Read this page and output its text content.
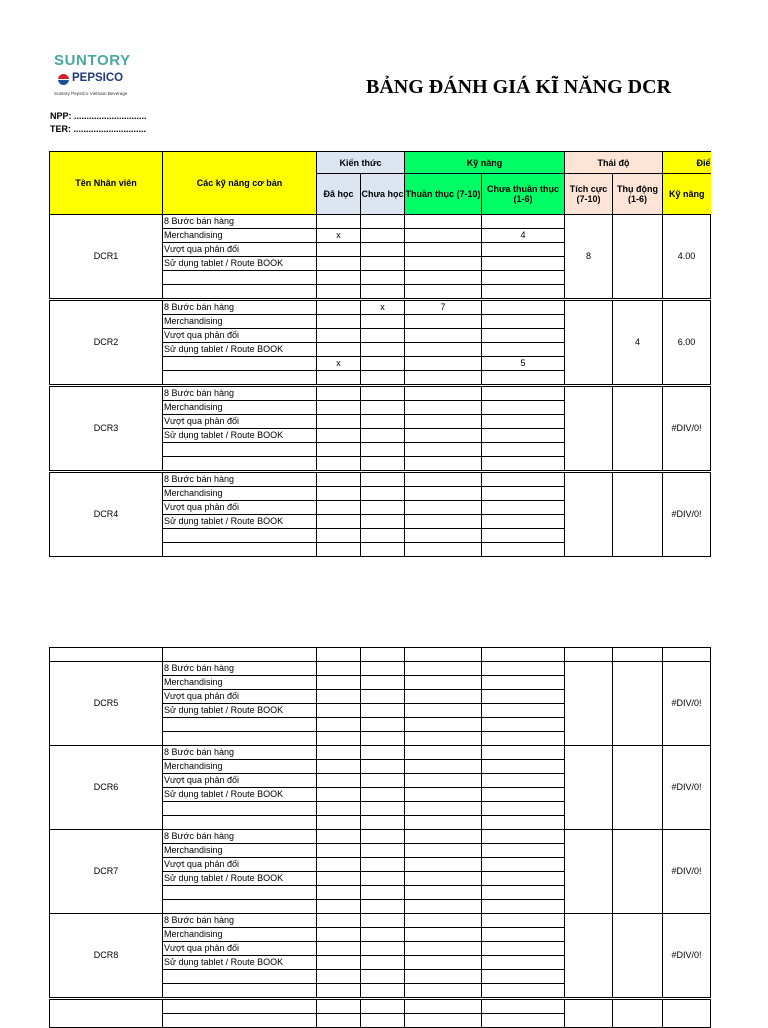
SUNTORY
PEPSICO
Suntory PepsiCo Vietnam Beverage	BẢNG ĐÁNH GIÁ KĨ NĂNG DCR
NPP: .............................
TER: .............................
Tên Nhân viên	Các kỹ năng cơ bản	Kiến thức		Kỹ năng		Thái độ		Điể
		Đã học	Chưa học	Thuần thục (7-10)	Chưa thuần thục (1-6)	Tích cực (7-10)	Thụ động (1-6)	Kỹ năng
DCR1	8 Bước bán hàng					8		4.00
	Merchandising	x			4			
	Vượt qua phản đối							
	Sử dụng tablet / Route BOOK							

DCR2	8 Bước bán hàng		x	7			4	6.00
	Merchandising							
	Vượt qua phản đối							
	Sử dụng tablet / Route BOOK							
		x			5			

DCR3	8 Bước bán hàng							#DIV/0!
	Merchandising							
	Vượt qua phản đối							
	Sử dụng tablet / Route BOOK							

DCR4	8 Bước bán hàng							#DIV/0!
	Merchandising							
	Vượt qua phản đối							
	Sử dụng tablet / Route BOOK							

DCR5	8 Bước bán hàng							#DIV/0!
	Merchandising							
	Vượt qua phản đối							
	Sử dụng tablet / Route BOOK							

DCR6	8 Bước bán hàng							#DIV/0!
	Merchandising							
	Vượt qua phản đối							
	Sử dụng tablet / Route BOOK							

DCR7	8 Bước bán hàng							#DIV/0!
	Merchandising							
	Vượt qua phản đối							
	Sử dụng tablet / Route BOOK							

DCR8	8 Bước bán hàng							#DIV/0!
	Merchandising							
	Vượt qua phản đối							
	Sử dụng tablet / Route BOOK							
